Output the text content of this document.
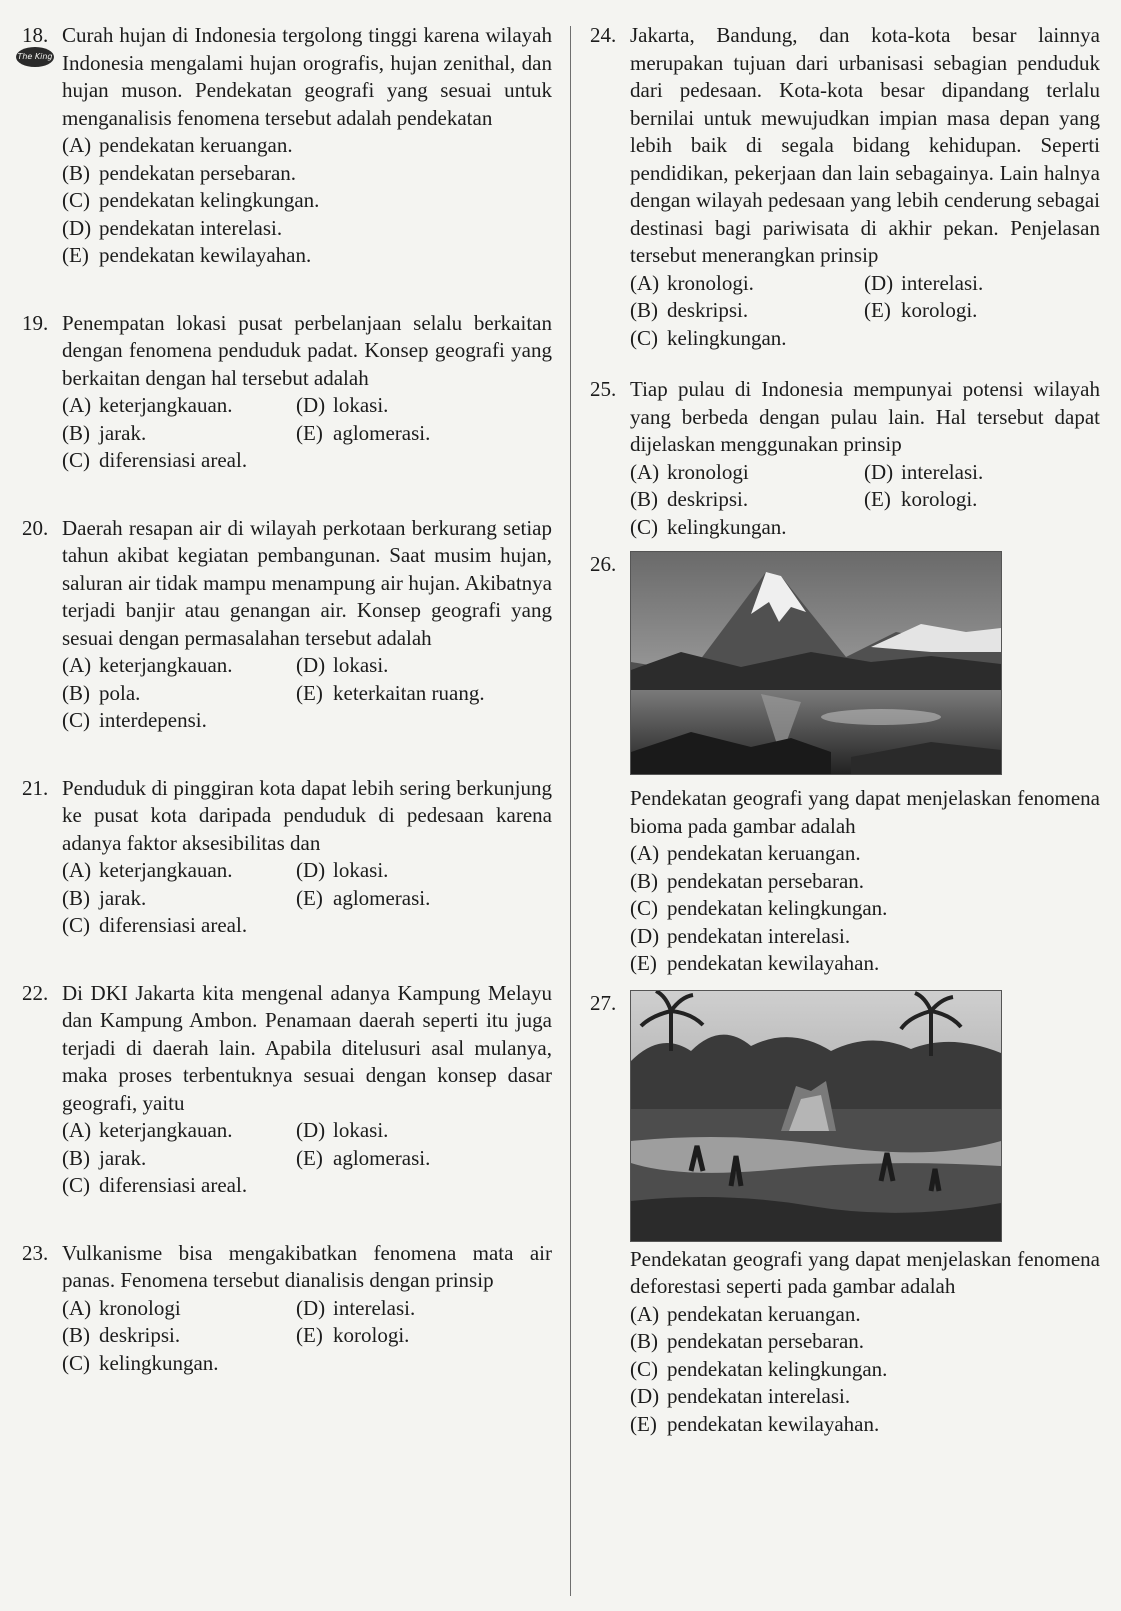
The King
18. Curah hujan di Indonesia tergolong tinggi karena wilayah Indonesia mengalami hujan orografis, hujan zenithal, dan hujan muson. Pendekatan geografi yang sesuai untuk menganalisis fenomena tersebut adalah pendekatan
(A) pendekatan keruangan.
(B) pendekatan persebaran.
(C) pendekatan kelingkungan.
(D) pendekatan interelasi.
(E) pendekatan kewilayahan.
19. Penempatan lokasi pusat perbelanjaan selalu berkaitan dengan fenomena penduduk padat. Konsep geografi yang berkaitan dengan hal tersebut adalah
(A) keterjangkauan.	(D) lokasi.
(B) jarak.	(E) aglomerasi.
(C) diferensiasi areal.
20. Daerah resapan air di wilayah perkotaan berkurang setiap tahun akibat kegiatan pembangunan. Saat musim hujan, saluran air tidak mampu menampung air hujan. Akibatnya terjadi banjir atau genangan air. Konsep geografi yang sesuai dengan permasalahan tersebut adalah
(A) keterjangkauan.	(D) lokasi.
(B) pola.	(E) keterkaitan ruang.
(C) interdepensi.
21. Penduduk di pinggiran kota dapat lebih sering berkunjung ke pusat kota daripada penduduk di pedesaan karena adanya faktor aksesibilitas dan
(A) keterjangkauan.	(D) lokasi.
(B) jarak.	(E) aglomerasi.
(C) diferensiasi areal.
22. Di DKI Jakarta kita mengenal adanya Kampung Melayu dan Kampung Ambon. Penamaan daerah seperti itu juga terjadi di daerah lain. Apabila ditelusuri asal mulanya, maka proses terbentuknya sesuai dengan konsep dasar geografi, yaitu
(A) keterjangkauan.	(D) lokasi.
(B) jarak.	(E) aglomerasi.
(C) diferensiasi areal.
23. Vulkanisme bisa mengakibatkan fenomena mata air panas. Fenomena tersebut dianalisis dengan prinsip
(A) kronologi	(D) interelasi.
(B) deskripsi.	(E) korologi.
(C) kelingkungan.
24. Jakarta, Bandung, dan kota-kota besar lainnya merupakan tujuan dari urbanisasi sebagian penduduk dari pedesaan. Kota-kota besar dipandang terlalu bernilai untuk mewujudkan impian masa depan yang lebih baik di segala bidang kehidupan. Seperti pendidikan, pekerjaan dan lain sebagainya. Lain halnya dengan wilayah pedesaan yang lebih cenderung sebagai destinasi bagi pariwisata di akhir pekan. Penjelasan tersebut menerangkan prinsip
(A) kronologi.	(D) interelasi.
(B) deskripsi.	(E) korologi.
(C) kelingkungan.
25. Tiap pulau di Indonesia mempunyai potensi wilayah yang berbeda dengan pulau lain. Hal tersebut dapat dijelaskan menggunakan prinsip
(A) kronologi	(D) interelasi.
(B) deskripsi.	(E) korologi.
(C) kelingkungan.
26.
Pendekatan geografi yang dapat menjelaskan fenomena bioma pada gambar adalah
(A) pendekatan keruangan.
(B) pendekatan persebaran.
(C) pendekatan kelingkungan.
(D) pendekatan interelasi.
(E) pendekatan kewilayahan.
27.
Pendekatan geografi yang dapat menjelaskan fenomena deforestasi seperti pada gambar adalah
(A) pendekatan keruangan.
(B) pendekatan persebaran.
(C) pendekatan kelingkungan.
(D) pendekatan interelasi.
(E) pendekatan kewilayahan.
